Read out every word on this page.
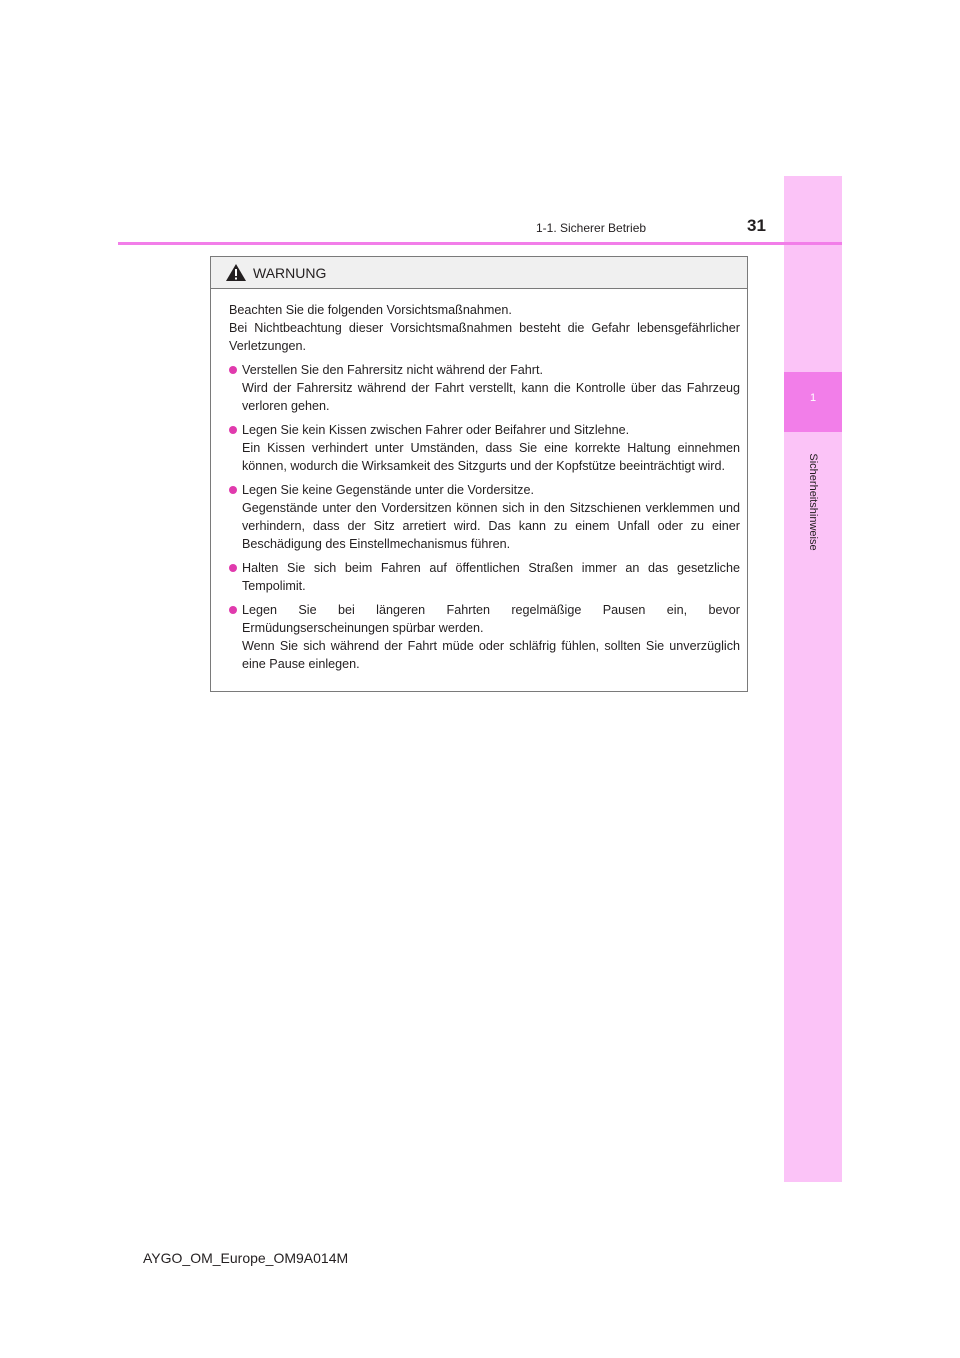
1
Sicherheitshinweise
1-1. Sicherer Betrieb	31
WARNUNG

Beachten Sie die folgenden Vorsichtsmaßnahmen.

Bei Nichtbeachtung dieser Vorsichtsmaßnahmen besteht die Gefahr lebensgefährlicher Verletzungen.

Verstellen Sie den Fahrersitz nicht während der Fahrt.
Wird der Fahrersitz während der Fahrt verstellt, kann die Kontrolle über das Fahrzeug verloren gehen.
Legen Sie kein Kissen zwischen Fahrer oder Beifahrer und Sitzlehne.
Ein Kissen verhindert unter Umständen, dass Sie eine korrekte Haltung einnehmen können, wodurch die Wirksamkeit des Sitzgurts und der Kopfstütze beeinträchtigt wird.
Legen Sie keine Gegenstände unter die Vordersitze.
Gegenstände unter den Vordersitzen können sich in den Sitzschienen verklemmen und verhindern, dass der Sitz arretiert wird. Das kann zu einem Unfall oder zu einer Beschädigung des Einstellmechanismus führen.
Halten Sie sich beim Fahren auf öffentlichen Straßen immer an das gesetzliche Tempolimit.
Legen Sie bei längeren Fahrten regelmäßige Pausen ein, bevor Ermüdungserscheinungen spürbar werden.
Wenn Sie sich während der Fahrt müde oder schläfrig fühlen, sollten Sie unverzüglich eine Pause einlegen.
AYGO_OM_Europe_OM9A014M
